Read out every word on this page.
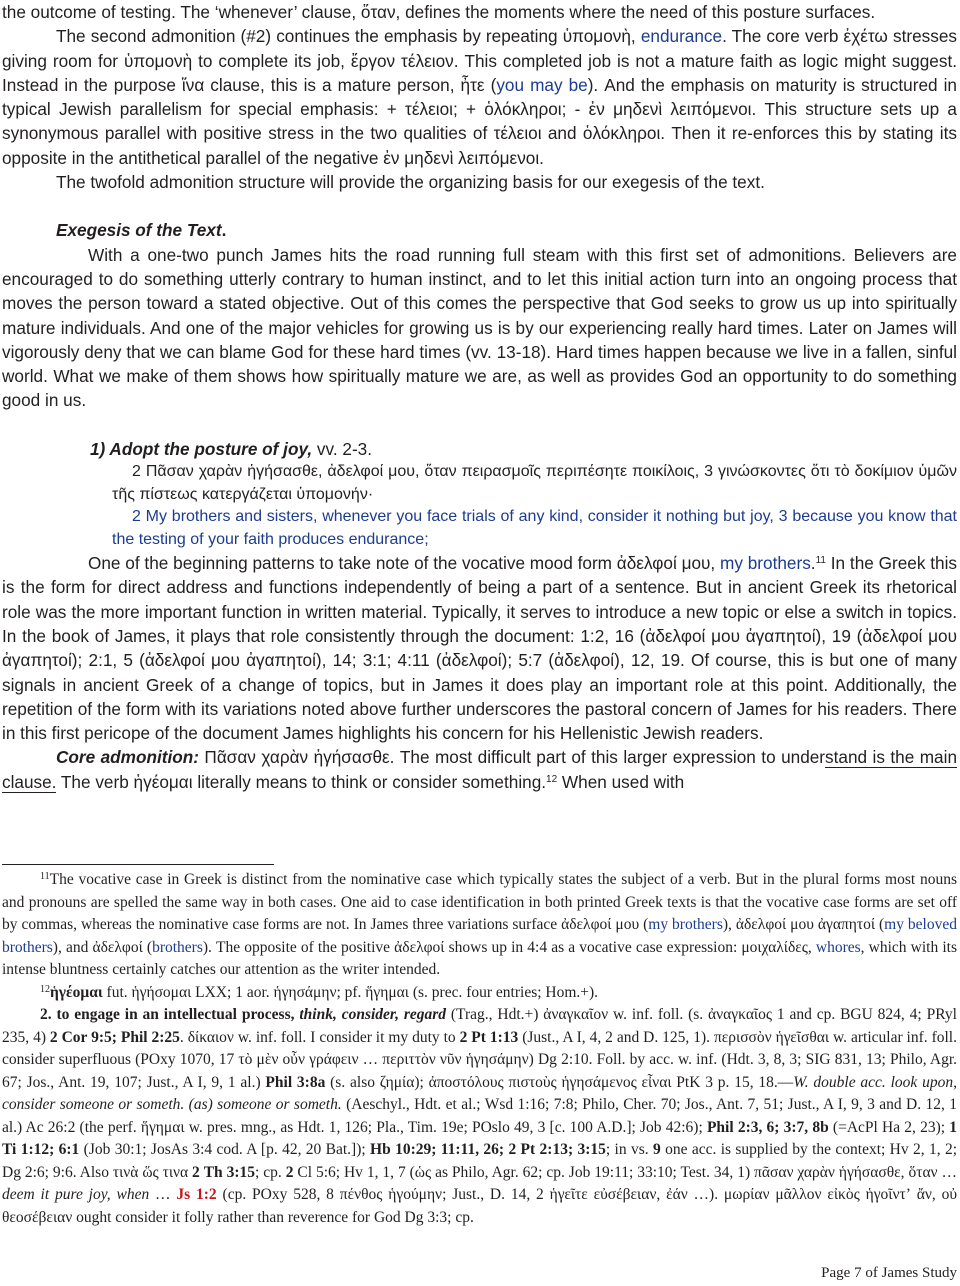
the outcome of testing. The ‘whenever’ clause, ὅταν, defines the moments where the need of this posture surfaces.

The second admonition (#2) continues the emphasis by repeating ὑπομονὴ, endurance. The core verb ἐχέτω stresses giving room for ὑπομονὴ to complete its job, ἔργον τέλειον. This completed job is not a mature faith as logic might suggest. Instead in the purpose ἵνα clause, this is a mature person, ἦτε (you may be). And the emphasis on maturity is structured in typical Jewish parallelism for special emphasis: + τέλειοι; + ὁλόκληροι; - ἐν μηδενὶ λειπόμενοι. This structure sets up a synonymous parallel with positive stress in the two qualities of τέλειοι and ὁλόκληροι. Then it re-enforces this by stating its opposite in the antithetical parallel of the negative ἐν μηδενὶ λειπόμενοι.

The twofold admonition structure will provide the organizing basis for our exegesis of the text.

Exegesis of the Text.

With a one-two punch James hits the road running full steam with this first set of admonitions. Believers are encouraged to do something utterly contrary to human instinct, and to let this initial action turn into an ongoing process that moves the person toward a stated objective. Out of this comes the perspective that God seeks to grow us up into spiritually mature individuals. And one of the major vehicles for growing us is by our experiencing really hard times. Later on James will vigorously deny that we can blame God for these hard times (vv. 13-18). Hard times happen because we live in a fallen, sinful world. What we make of them shows how spiritually mature we are, as well as provides God an opportunity to do something good in us.

1) Adopt the posture of joy, vv. 2-3.

2 Πᾶσαν χαρὰν ἡγήσασθε, ἀδελφοί μου, ὅταν πειρασμοῖς περιπέσητε ποικίλοις, 3 γινώσκοντες ὅτι τὸ δοκίμιον ὑμῶν τῆς πίστεως κατεργάζεται ὑπομονήν·

2 My brothers and sisters, whenever you face trials of any kind, consider it nothing but joy, 3 because you know that the testing of your faith produces endurance;

One of the beginning patterns to take note of the vocative mood form ἀδελφοί μου, my brothers.$^{11}$ In the Greek this is the form for direct address and functions independently of being a part of a sentence. But in ancient Greek its rhetorical role was the more important function in written material. Typically, it serves to introduce a new topic or else a switch in topics. In the book of James, it plays that role consistently through the document: 1:2, 16 (ἀδελφοί μου ἀγαπητοί), 19 (ἀδελφοί μου ἀγαπητοί); 2:1, 5 (ἀδελφοί μου ἀγαπητοί), 14; 3:1; 4:11 (ἀδελφοί); 5:7 (ἀδελφοί), 12, 19. Of course, this is but one of many signals in ancient Greek of a change of topics, but in James it does play an important role at this point. Additionally, the repetition of the form with its variations noted above further underscores the pastoral concern of James for his readers. There in this first pericope of the document James highlights his concern for his Hellenistic Jewish readers.

Core admonition: Πᾶσαν χαρὰν ἡγήσασθε. The most difficult part of this larger expression to understand is the main clause. The verb ἡγέομαι literally means to think or consider something.$^{12}$ When used with

$^{11}$The vocative case in Greek is distinct from the nominative case which typically states the subject of a verb. But in the plural forms most nouns and pronouns are spelled the same way in both cases. One aid to case identification in both printed Greek texts is that the vocative case forms are set off by commas, whereas the nominative case forms are not. In James three variations surface ἀδελφοί μου (my brothers), ἀδελφοί μου ἀγαπητοί (my beloved brothers), and ἀδελφοί (brothers). The opposite of the positive ἀδελφοί shows up in 4:4 as a vocative case expression: μοιχαλίδες, whores, which with its intense bluntness certainly catches our attention as the writer intended.

$^{12}$ἡγέομαι fut. ἡγήσομαι LXX; 1 aor. ἡγησάμην; pf. ἥγημαι (s. prec. four entries; Hom.+).

2. to engage in an intellectual process, think, consider, regard (Trag., Hdt.+) ἀναγκαῖον w. inf. foll. (s. ἀναγκαῖος 1 and cp. BGU 824, 4; PRyl 235, 4) 2 Cor 9:5; Phil 2:25. δίκαιον w. inf. foll. I consider it my duty to 2 Pt 1:13 (Just., A I, 4, 2 and D. 125, 1). περισσὸν ἡγεῖσθαι w. articular inf. foll. consider superfluous (POxy 1070, 17 τὸ μὲν οὖν γράφειν … περιττὸν νῦν ἡγησάμην) Dg 2:10. Foll. by acc. w. inf. (Hdt. 3, 8, 3; SIG 831, 13; Philo, Agr. 67; Jos., Ant. 19, 107; Just., A I, 9, 1 al.) Phil 3:8a (s. also ζημία); ἀποστόλους πιστοὺς ἡγησάμενος εἶναι PtK 3 p. 15, 18.—W. double acc. look upon, consider someone or someth. (as) someone or someth. (Aeschyl., Hdt. et al.; Wsd 1:16; 7:8; Philo, Cher. 70; Jos., Ant. 7, 51; Just., A I, 9, 3 and D. 12, 1 al.) Ac 26:2 (the perf. ἥγημαι w. pres. mng., as Hdt. 1, 126; Pla., Tim. 19e; POslo 49, 3 [c. 100 A.D.]; Job 42:6); Phil 2:3, 6; 3:7, 8b (=AcPl Ha 2, 23); 1 Ti 1:12; 6:1 (Job 30:1; JosAs 3:4 cod. A [p. 42, 20 Bat.]); Hb 10:29; 11:11, 26; 2 Pt 2:13; 3:15; in vs. 9 one acc. is supplied by the context; Hv 2, 1, 2; Dg 2:6; 9:6. Also τινὰ ὥς τινα 2 Th 3:15; cp. 2 Cl 5:6; Hv 1, 1, 7 (ὡς as Philo, Agr. 62; cp. Job 19:11; 33:10; Test. 34, 1) πᾶσαν χαρὰν ἡγήσασθε, ὅταν … deem it pure joy, when … Js 1:2 (cp. POxy 528, 8 πένθος ἡγούμην; Just., D. 14, 2 ἡγεῖτε εὐσέβειαν, ἐάν …). μωρίαν μᾶλλον εἰκὸς ἡγοῖντʼ ἄν, οὐ θεοσέβειαν ought consider it folly rather than reverence for God Dg 3:3; cp.

Page 7 of James Study
